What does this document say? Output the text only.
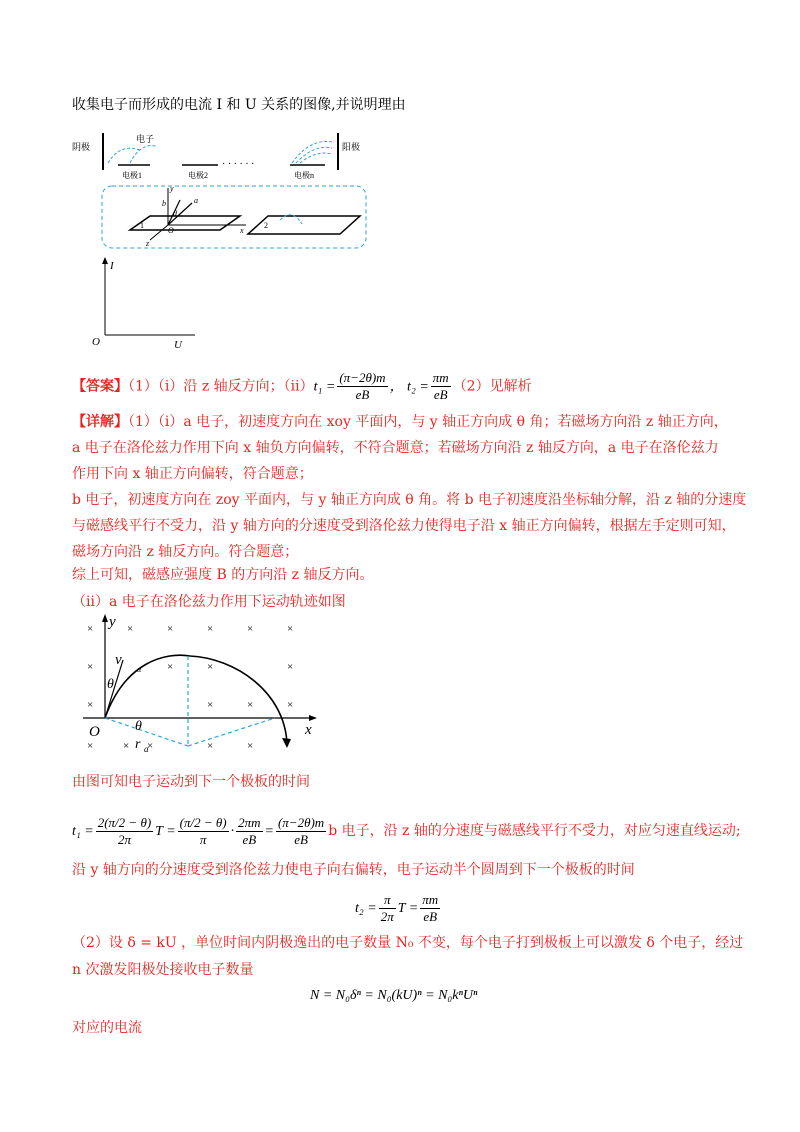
收集电子而形成的电流 I 和 U 关系的图像,并说明理由
阴极	阳极
电子
· · · · · ·
电极1	电极2	电极n
y
b	a
θ
O	x
z
1	2
I
U
O
【答案】（1）（ⅰ）沿 z 轴反方向；（ⅱ）t₁ = $\frac{(\pi-2\theta)m}{eB}$ ， $t_2 = \frac{\pi m}{eB} (2)$见解析
【详解】（1）（ⅰ）a 电子，初速度方向在 xoy 平面内，与 y 轴正方向成 θ 角；若磁场方向沿 z 轴正方向，
a 电子在洛伦兹力作用下向 x 轴负方向偏转，不符合题意；若磁场方向沿 z 轴反方向，a 电子在洛伦兹力
作用下向 x 轴正方向偏转，符合题意；
b 电子，初速度方向在 zoy 平面内，与 y 轴正方向成 θ 角。将 b 电子初速度沿坐标轴分解，沿 z 轴的分速度
与磁感线平行不受力，沿 y 轴方向的分速度受到洛伦兹力使得电子沿 x 轴正方向偏转，根据左手定则可知，
磁场方向沿 z 轴反方向。符合题意；
综上可知，磁感应强度 B 的方向沿 z 轴反方向。
（ⅱ）a 电子在洛伦兹力作用下运动轨迹如图
×	×	×	×	×	×
×	×	×	×
×	×	×	×
×	× ×	×	×
y
x
O
v
α
θ
θ
r a
由图可知电子运动到下一个极板的时间
$t_1 = \frac{2(\pi/2 - \theta)}{2\pi}$ $T = \frac{(\pi/2 - \theta)}{\pi} \cdot \frac{2\pi m}{eB} = \frac{(\pi-2\theta)m}{eB}$ b 电子，沿 z 轴的分速度与磁感线平行不受力，对应匀速直线运动;
沿 y 轴方向的分速度受到洛伦兹力使电子向右偏转，电子运动半个圆周到下一个极板的时间
$t_2 = \frac{\pi}{2\pi}$ $T = \frac{\pi m}{eB}$
（2）设 δ = kU ，单位时间内阴极逸出的电子数量 N₀ 不变，每个电子打到极板上可以激发 δ 个电子，经过
n 次激发阳极处接收电子数量
N = N₀δⁿ = N₀(kU)ⁿ = N₀kⁿUⁿ
对应的电流
